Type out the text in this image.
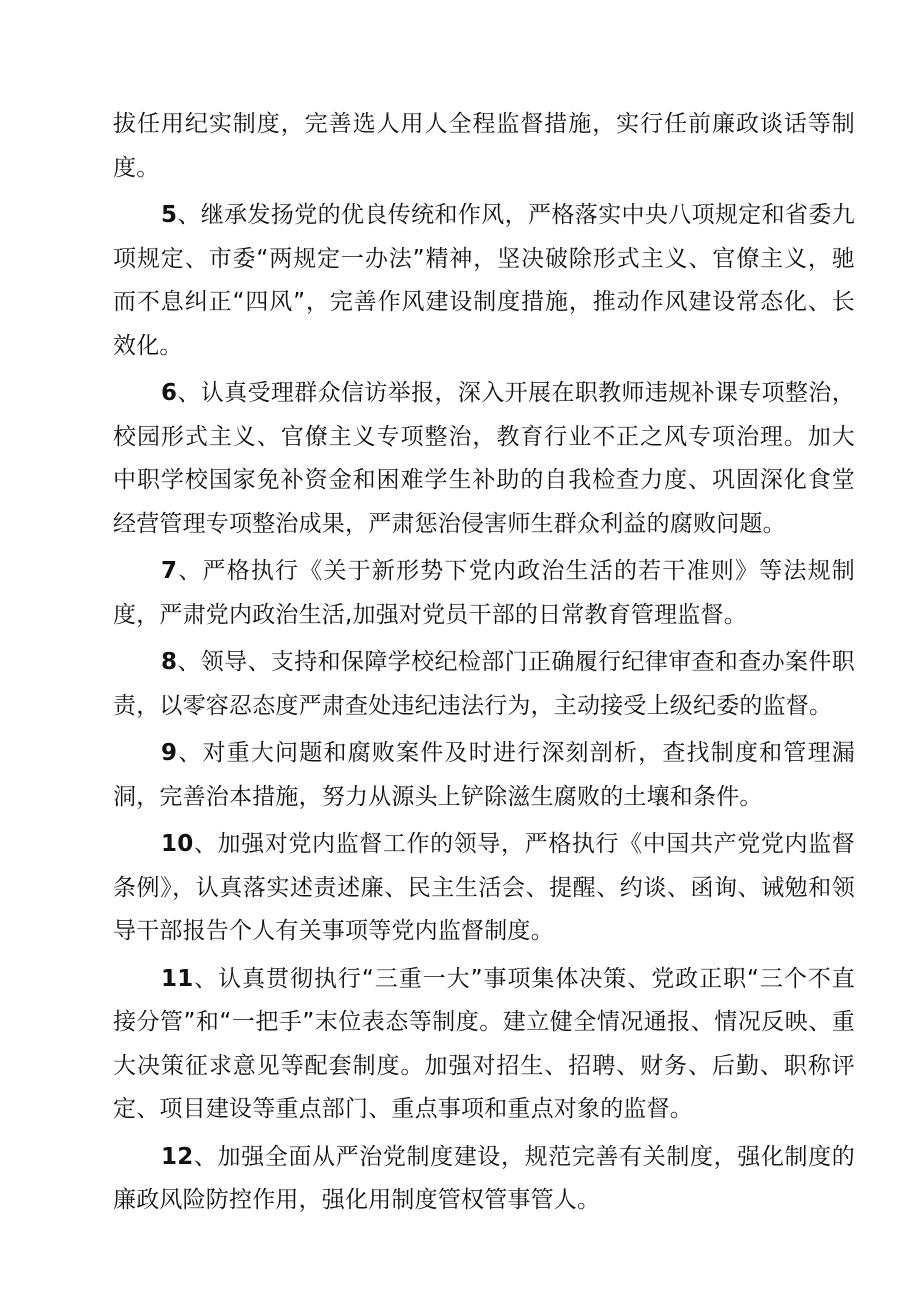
拔任用纪实制度，完善选人用人全程监督措施，实行任前廉政谈话等制度。

5、继承发扬党的优良传统和作风，严格落实中央八项规定和省委九项规定、市委“两规定一办法”精神，坚决破除形式主义、官僚主义，驰而不息纠正“四风”，完善作风建设制度措施，推动作风建设常态化、长效化。

6、认真受理群众信访举报，深入开展在职教师违规补课专项整治，校园形式主义、官僚主义专项整治，教育行业不正之风专项治理。加大中职学校国家免补资金和困难学生补助的自我检查力度、巩固深化食堂经营管理专项整治成果，严肃惩治侵害师生群众利益的腐败问题。

7、严格执行《关于新形势下党内政治生活的若干准则》等法规制度，严肃党内政治生活,加强对党员干部的日常教育管理监督。

8、领导、支持和保障学校纪检部门正确履行纪律审查和查办案件职责，以零容忍态度严肃查处违纪违法行为，主动接受上级纪委的监督。

9、对重大问题和腐败案件及时进行深刻剖析，查找制度和管理漏洞，完善治本措施，努力从源头上铲除滋生腐败的土壤和条件。

10、加强对党内监督工作的领导，严格执行《中国共产党党内监督条例》，认真落实述责述廉、民主生活会、提醒、约谈、函询、诫勉和领导干部报告个人有关事项等党内监督制度。

11、认真贯彻执行“三重一大”事项集体决策、党政正职“三个不直接分管”和“一把手”末位表态等制度。建立健全情况通报、情况反映、重大决策征求意见等配套制度。加强对招生、招聘、财务、后勤、职称评定、项目建设等重点部门、重点事项和重点对象的监督。

12、加强全面从严治党制度建设，规范完善有关制度，强化制度的廉政风险防控作用，强化用制度管权管事管人。
